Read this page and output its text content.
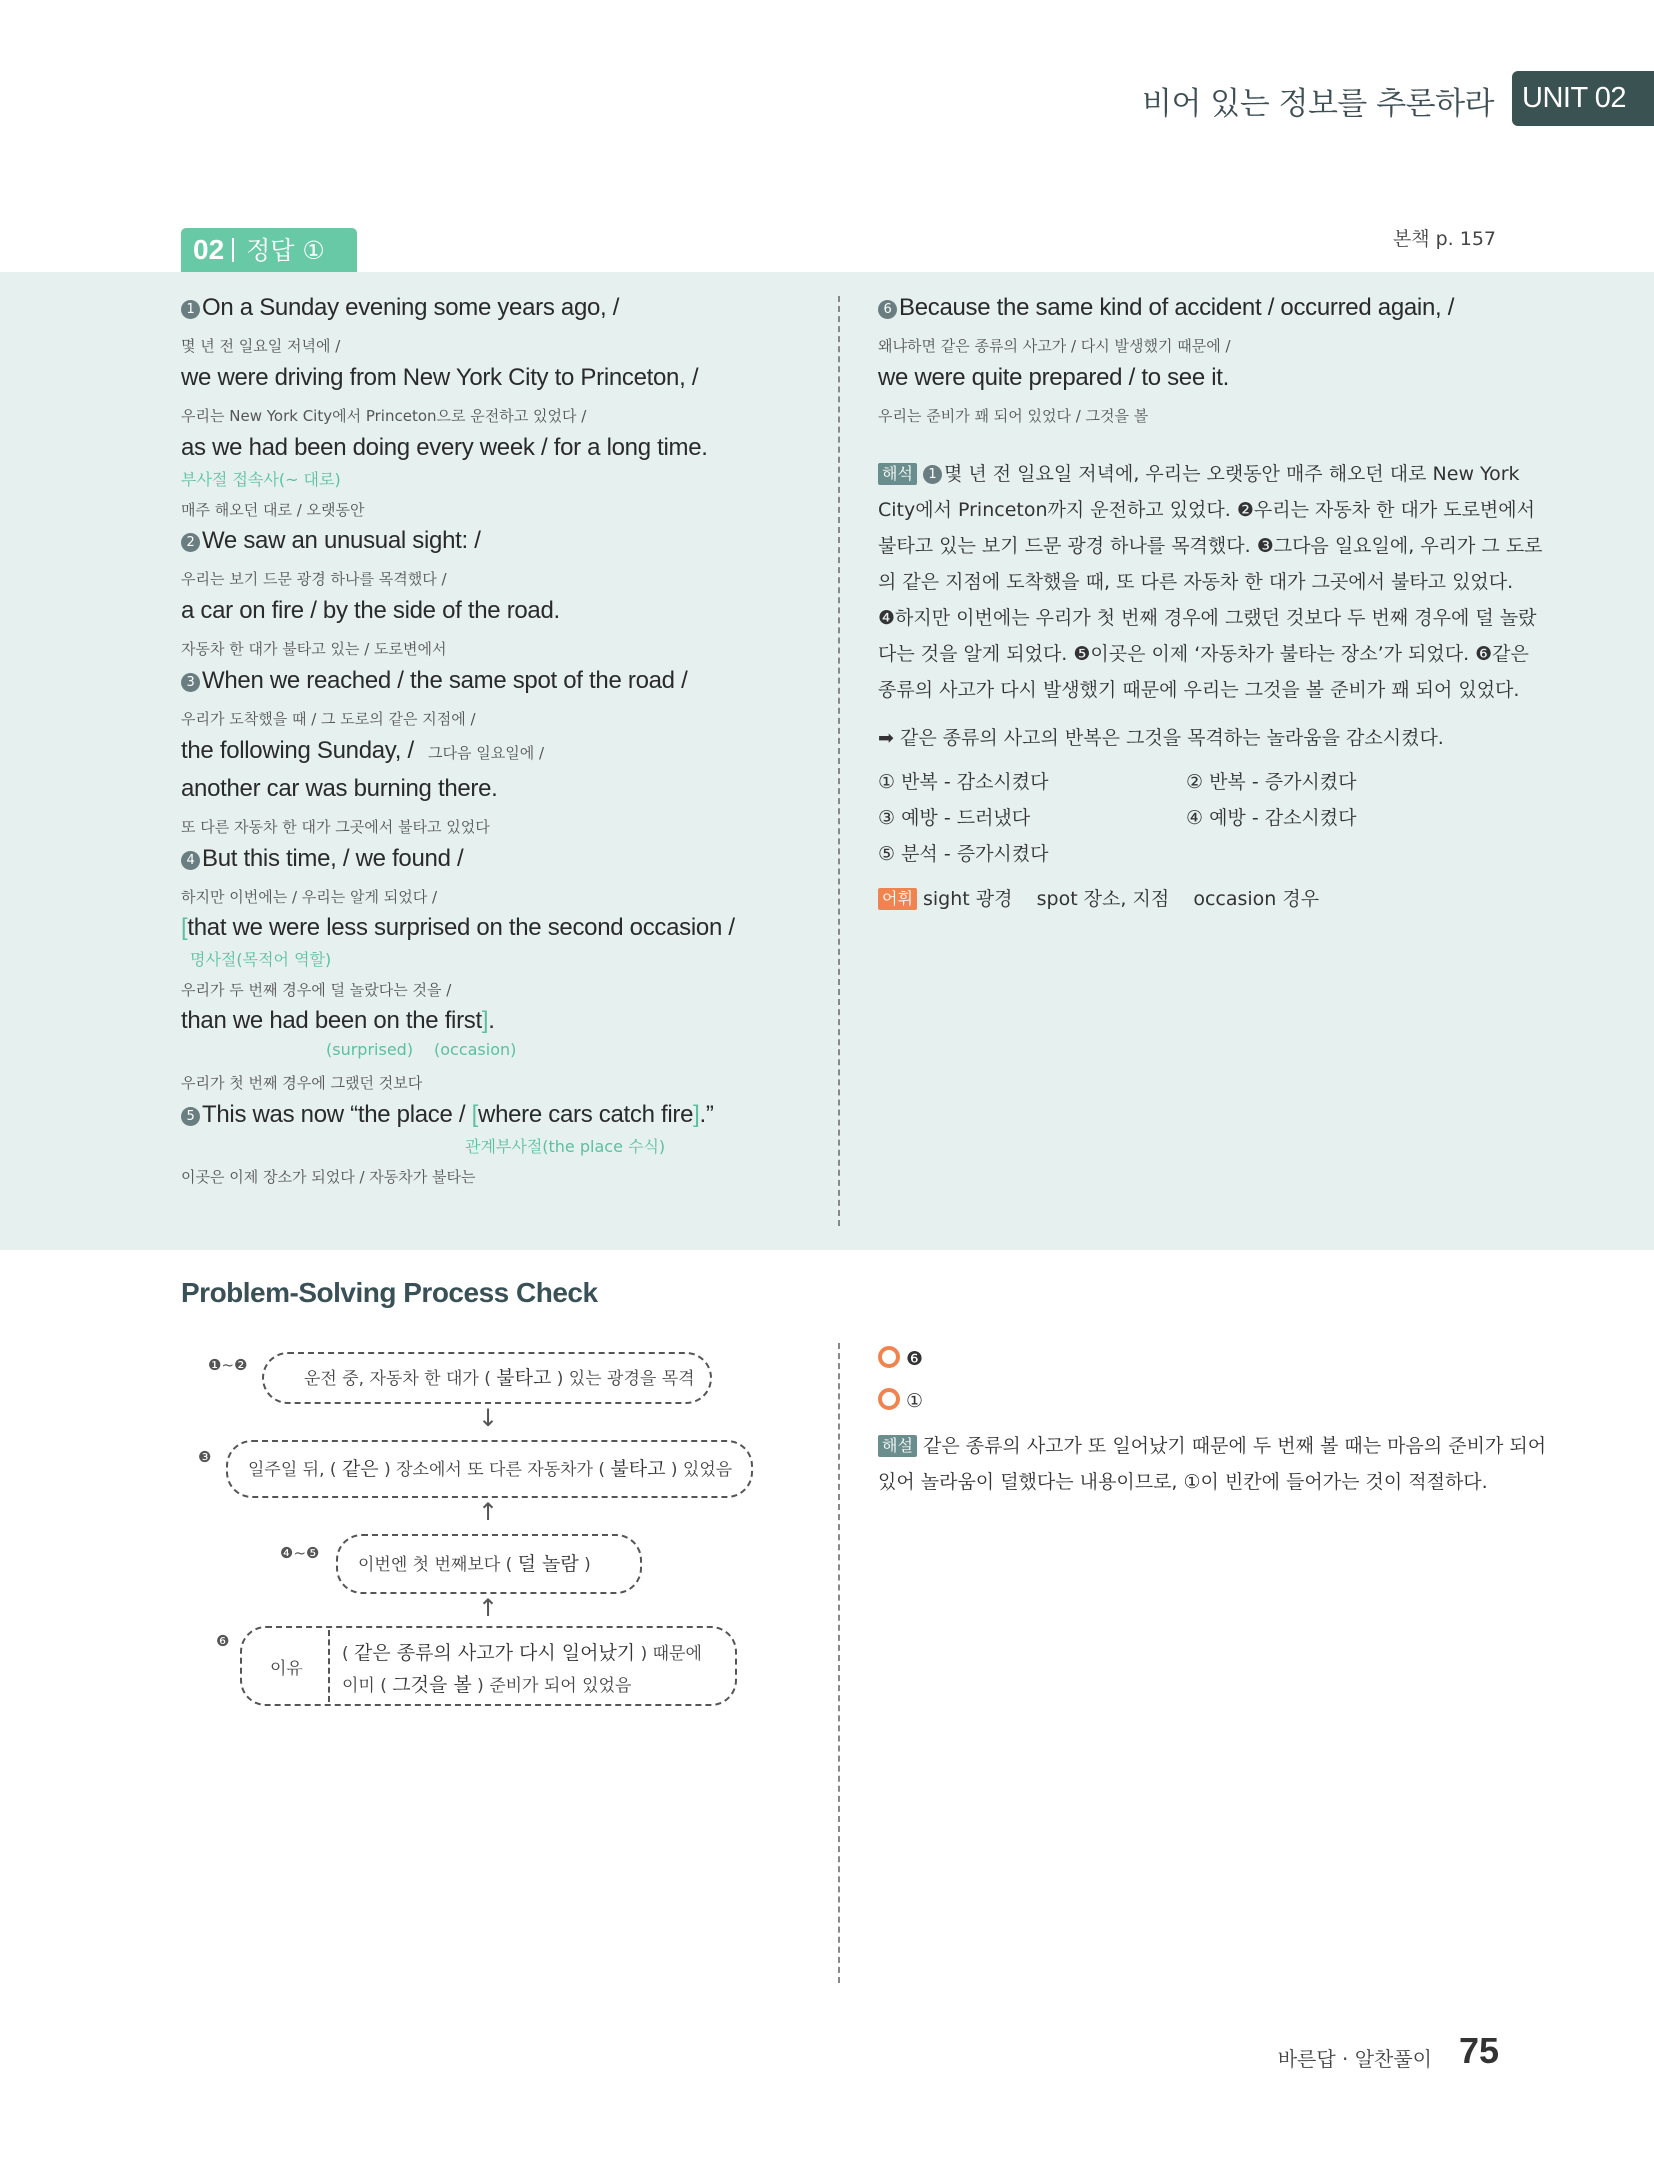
비어 있는 정보를 추론하라 UNIT 02
02 정답 ①	본책 p. 157
1 On a Sunday evening some years ago, /
몇 년 전 일요일 저녁에 /
we were driving from New York City to Princeton, /
우리는 New York City에서 Princeton으로 운전하고 있었다 /
as we had been doing every week / for a long time.
부사절 접속사(~ 대로)
매주 해오던 대로 / 오랫동안
2 We saw an unusual sight: /
우리는 보기 드문 광경 하나를 목격했다 /
a car on fire / by the side of the road.
자동차 한 대가 불타고 있는 / 도로변에서
3 When we reached / the same spot of the road /
우리가 도착했을 때 / 그 도로의 같은 지점에 /
the following Sunday, / 그다음 일요일에 /
another car was burning there.
또 다른 자동차 한 대가 그곳에서 불타고 있었다
4 But this time, / we found /
하지만 이번에는 / 우리는 알게 되었다 /
[that we were less surprised on the second occasion /
명사절(목적어 역할)
우리가 두 번째 경우에 덜 놀랐다는 것을 /
than we had been on the first].
(surprised) (occasion)
우리가 첫 번째 경우에 그랬던 것보다
5 This was now “the place / [where cars catch fire].”
관계부사절(the place 수식)
이곳은 이제 장소가 되었다 / 자동차가 불타는
6 Because the same kind of accident / occurred again, /
왜냐하면 같은 종류의 사고가 / 다시 발생했기 때문에 /
we were quite prepared / to see it.
우리는 준비가 꽤 되어 있었다 / 그것을 볼
해석 1 몇 년 전 일요일 저녁에, 우리는 오랫동안 매주 해오던 대로 New York
City에서 Princeton까지 운전하고 있었다. ❷우리는 자동차 한 대가 도로변에서
불타고 있는 보기 드문 광경 하나를 목격했다. ❸그다음 일요일에, 우리가 그 도로
의 같은 지점에 도착했을 때, 또 다른 자동차 한 대가 그곳에서 불타고 있었다.
❹하지만 이번에는 우리가 첫 번째 경우에 그랬던 것보다 두 번째 경우에 덜 놀랐
다는 것을 알게 되었다. ❺이곳은 이제 ‘자동차가 불타는 장소’가 되었다. ❻같은
종류의 사고가 다시 발생했기 때문에 우리는 그것을 볼 준비가 꽤 되어 있었다.
➡ 같은 종류의 사고의 반복은 그것을 목격하는 놀라움을 감소시켰다.
① 반복 - 감소시켰다	② 반복 - 증가시켰다
③ 예방 - 드러냈다	④ 예방 - 감소시켰다
⑤ 분석 - 증가시켰다
어휘 sight 광경    spot 장소, 지점    occasion 경우
Problem-Solving Process Check
❶~❷
운전 중, 자동차 한 대가 ( 불타고 ) 있는 광경을 목격
↓
❸
일주일 뒤, ( 같은 ) 장소에서 또 다른 자동차가 ( 불타고 ) 있었음
↑
❹~❺
이번엔 첫 번째보다 ( 덜 놀람 )
↑
❻
이유
( 같은 종류의 사고가 다시 일어났기 ) 때문에
이미 ( 그것을 볼 ) 준비가 되어 있었음
❻
①
해설 같은 종류의 사고가 또 일어났기 때문에 두 번째 볼 때는 마음의 준비가 되어
있어 놀라움이 덜했다는 내용이므로, ①이 빈칸에 들어가는 것이 적절하다.
바른답 · 알찬풀이 75
